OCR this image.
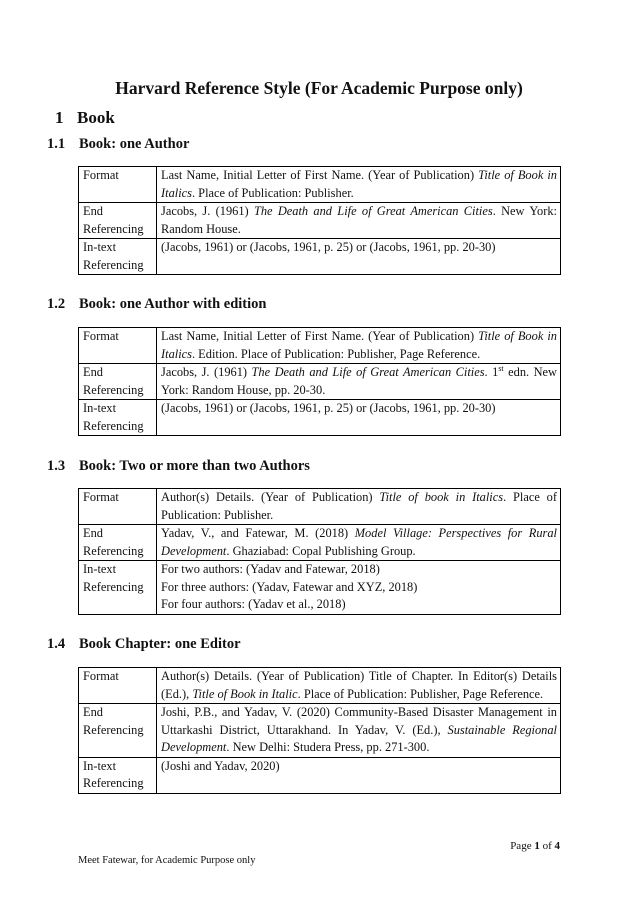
Harvard Reference Style (For Academic Purpose only)
1 Book
1.1 Book: one Author
Format	Last Name, Initial Letter of First Name. (Year of Publication) Title of Book in Italics. Place of Publication: Publisher.
End
Referencing	Jacobs, J. (1961) The Death and Life of Great American Cities. New York: Random House.
In-text
Referencing	(Jacobs, 1961) or (Jacobs, 1961, p. 25) or (Jacobs, 1961, pp. 20-30)
1.2 Book: one Author with edition
Format	Last Name, Initial Letter of First Name. (Year of Publication) Title of Book in Italics. Edition. Place of Publication: Publisher, Page Reference.
End
Referencing	Jacobs, J. (1961) The Death and Life of Great American Cities. 1st edn. New York: Random House, pp. 20-30.
In-text
Referencing	(Jacobs, 1961) or (Jacobs, 1961, p. 25) or (Jacobs, 1961, pp. 20-30)
1.3 Book: Two or more than two Authors
Format	Author(s) Details. (Year of Publication) Title of book in Italics. Place of Publication: Publisher.
End
Referencing	Yadav, V., and Fatewar, M. (2018) Model Village: Perspectives for Rural Development. Ghaziabad: Copal Publishing Group.
In-text
Referencing	For two authors: (Yadav and Fatewar, 2018)
For three authors: (Yadav, Fatewar and XYZ, 2018)
For four authors: (Yadav et al., 2018)
1.4 Book Chapter: one Editor
Format	Author(s) Details. (Year of Publication) Title of Chapter. In Editor(s) Details (Ed.), Title of Book in Italic. Place of Publication: Publisher, Page Reference.
End
Referencing	Joshi, P.B., and Yadav, V. (2020) Community-Based Disaster Management in Uttarkashi District, Uttarakhand. In Yadav, V. (Ed.), Sustainable Regional Development. New Delhi: Studera Press, pp. 271-300.
In-text
Referencing	(Joshi and Yadav, 2020)
Page 1 of 4
Meet Fatewar, for Academic Purpose only
